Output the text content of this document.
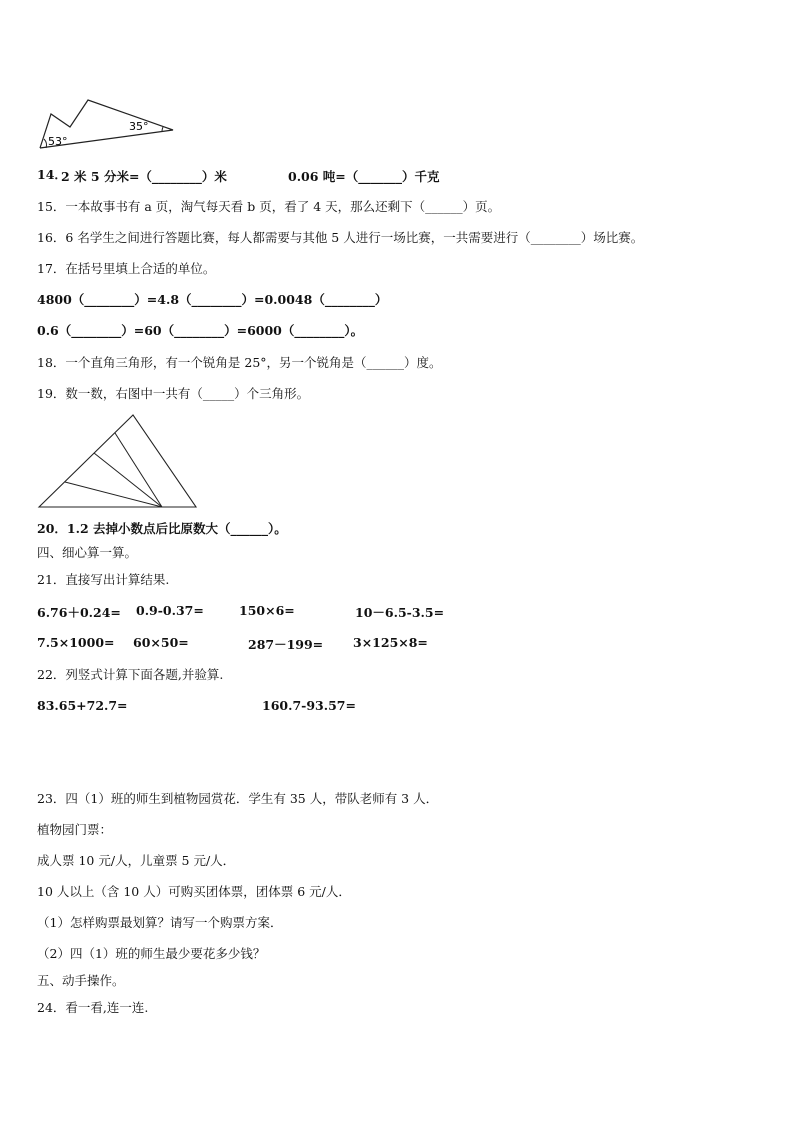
53°
35°
14．
2 米 5 分米=（________）米	0.06 吨=（_______）千克
15．一本故事书有 a 页，淘气每天看 b 页，看了 4 天，那么还剩下（______）页。
16．6 名学生之间进行答题比赛，每人都需要与其他 5 人进行一场比赛，一共需要进行（________）场比赛。
17．在括号里填上合适的单位。
4800（________）=4.8（________）=0.0048（________）
0.6（________）=60（________）=6000（________）。
18．一个直角三角形，有一个锐角是 25°，另一个锐角是（______）度。
19．数一数，右图中一共有（_____）个三角形。
20．1.2 去掉小数点后比原数大（______）。
四、细心算一算。
21．直接写出计算结果.
6.76＋0.24= 0.9-0.37=	150×6=	10－6.5-3.5=
7.5×1000= 60×50=	287－199= 3×125×8=
22．列竖式计算下面各题,并验算.
83.65+72.7=	160.7-93.57=
23．四（1）班的师生到植物园赏花．学生有 35 人，带队老师有 3 人．
植物园门票：
成人票 10 元/人，儿童票 5 元/人．
10 人以上（含 10 人）可购买团体票，团体票 6 元/人．
（1）怎样购票最划算？请写一个购票方案．
（2）四（1）班的师生最少要花多少钱？
五、动手操作。
24．看一看,连一连.
